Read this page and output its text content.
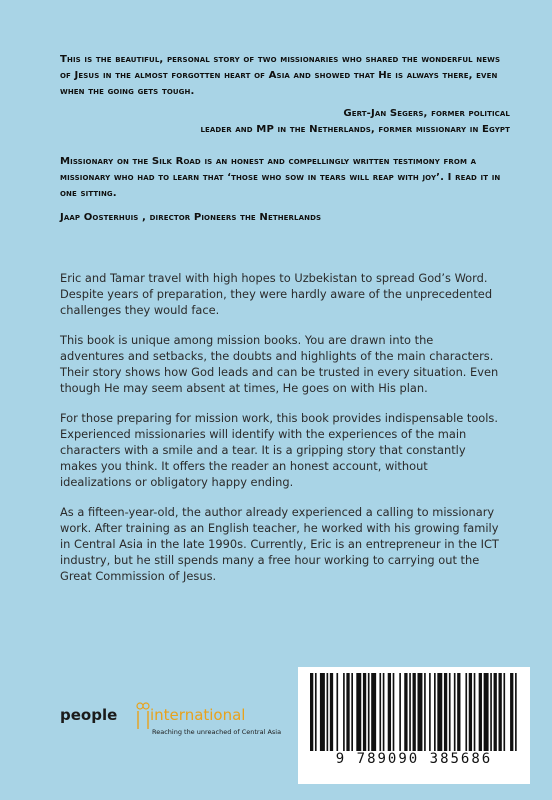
This is the beautiful, personal story of two missionaries who shared the wonderful news of Jesus in the almost forgotten heart of Asia and showed that He is always there, even when the going gets tough.

Gert-Jan Segers, former political
leader and MP in the Netherlands, former missionary in Egypt

Missionary on the Silk Road is an honest and compellingly written testimony from a missionary who had to learn that ‘those who sow in tears will reap with joy’. I read it in one sitting.

Jaap Oosterhuis , director Pioneers the Netherlands

Eric and Tamar travel with high hopes to Uzbekistan to spread God’s Word. Despite years of preparation, they were hardly aware of the unprecedented challenges they would face.

This book is unique among mission books. You are drawn into the adventures and setbacks, the doubts and highlights of the main characters. Their story shows how God leads and can be trusted in every situation. Even though He may seem absent at times, He goes on with His plan.

For those preparing for mission work, this book provides indispensable tools. Experienced missionaries will identify with the experiences of the main characters with a smile and a tear. It is a gripping story that constantly makes you think. It offers the reader an honest account, without idealizations or obligatory happy ending.

As a fifteen-year-old, the author already experienced a calling to missionary work. After training as an English teacher, he worked with his growing family in Central Asia in the late 1990s. Currently, Eric is an entrepreneur in the ICT industry, but he still spends many a free hour working to carrying out the Great Commission of Jesus.

people international
Reaching the unreached of Central Asia
9 789090 385686
